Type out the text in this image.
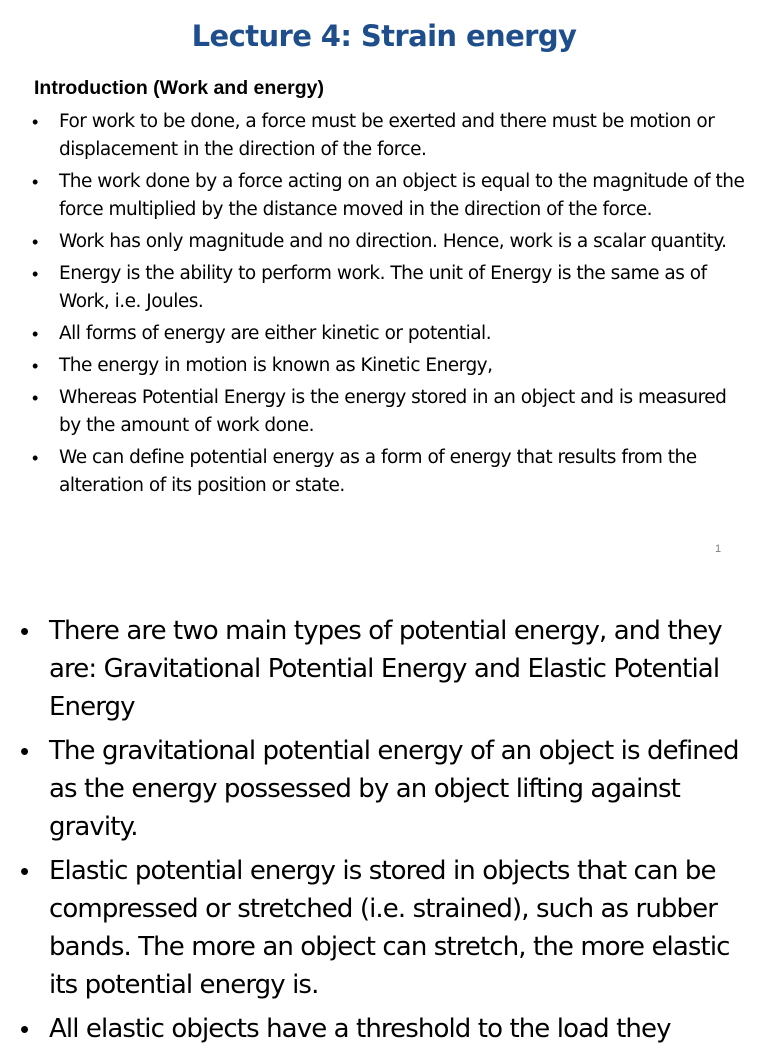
Lecture 4: Strain energy
Introduction (Work and energy)
• For work to be done, a force must be exerted and there must be motion or displacement in the direction of the force.
• The work done by a force acting on an object is equal to the magnitude of the force multiplied by the distance moved in the direction of the force.
• Work has only magnitude and no direction. Hence, work is a scalar quantity.
• Energy is the ability to perform work. The unit of Energy is the same as of Work, i.e. Joules.
• All forms of energy are either kinetic or potential.
• The energy in motion is known as Kinetic Energy,
• Whereas Potential Energy is the energy stored in an object and is measured by the amount of work done.
• We can define potential energy as a form of energy that results from the alteration of its position or state.
1
• There are two main types of potential energy, and they are: Gravitational Potential Energy and Elastic Potential Energy
• The gravitational potential energy of an object is defined as the energy possessed by an object lifting against gravity.
• Elastic potential energy is stored in objects that can be compressed or stretched (i.e. strained), such as rubber bands. The more an object can stretch, the more elastic its potential energy is.
• All elastic objects have a threshold to the load they
